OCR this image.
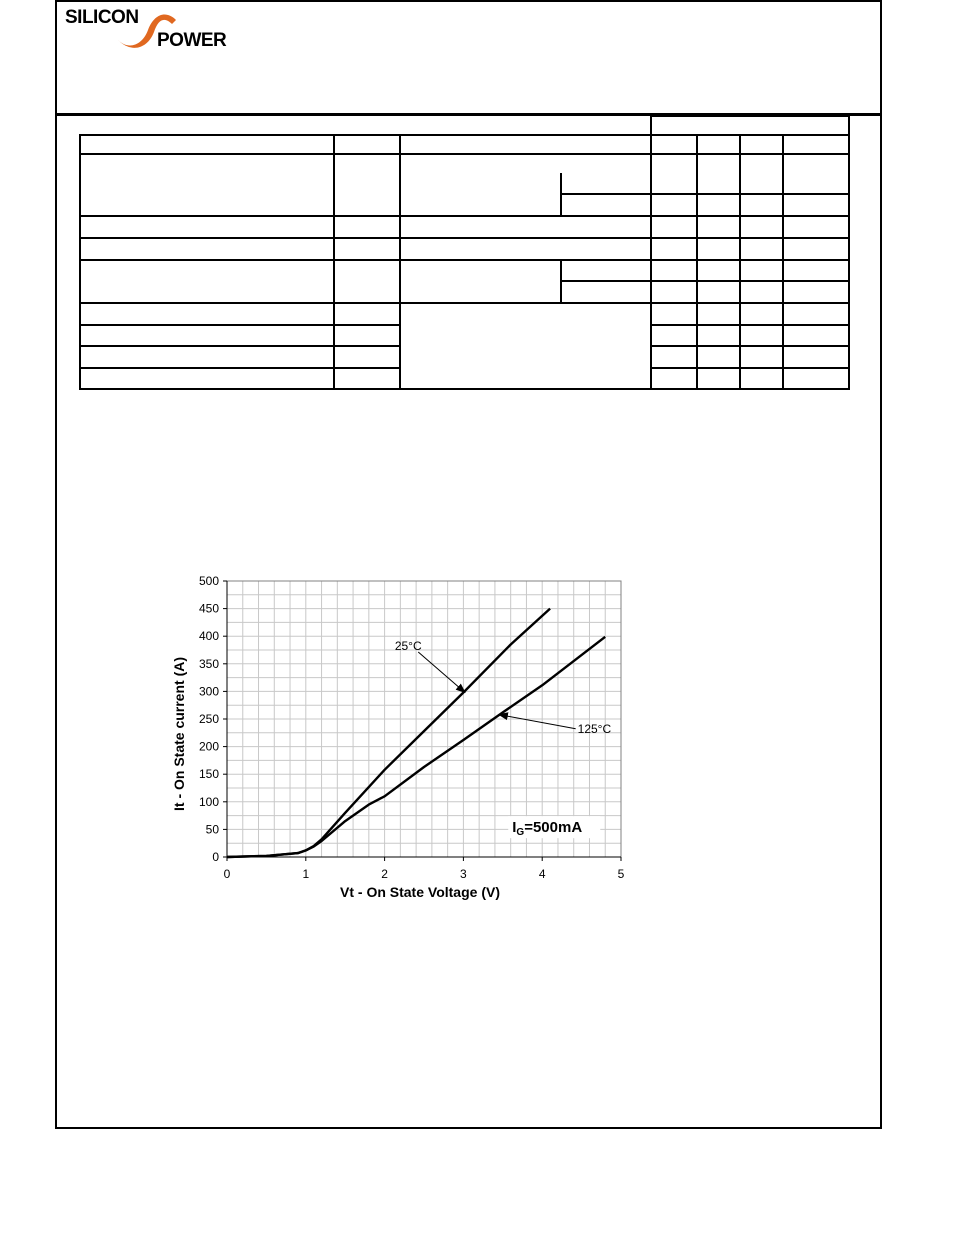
SILICON
POWER
0
50
100
150
200
250
300
350
400
450
500
0	1	2	3	4	5
25°C
125°C
$I_G=500mA$
Vt - On State Voltage (V)
It - On State current (A)
